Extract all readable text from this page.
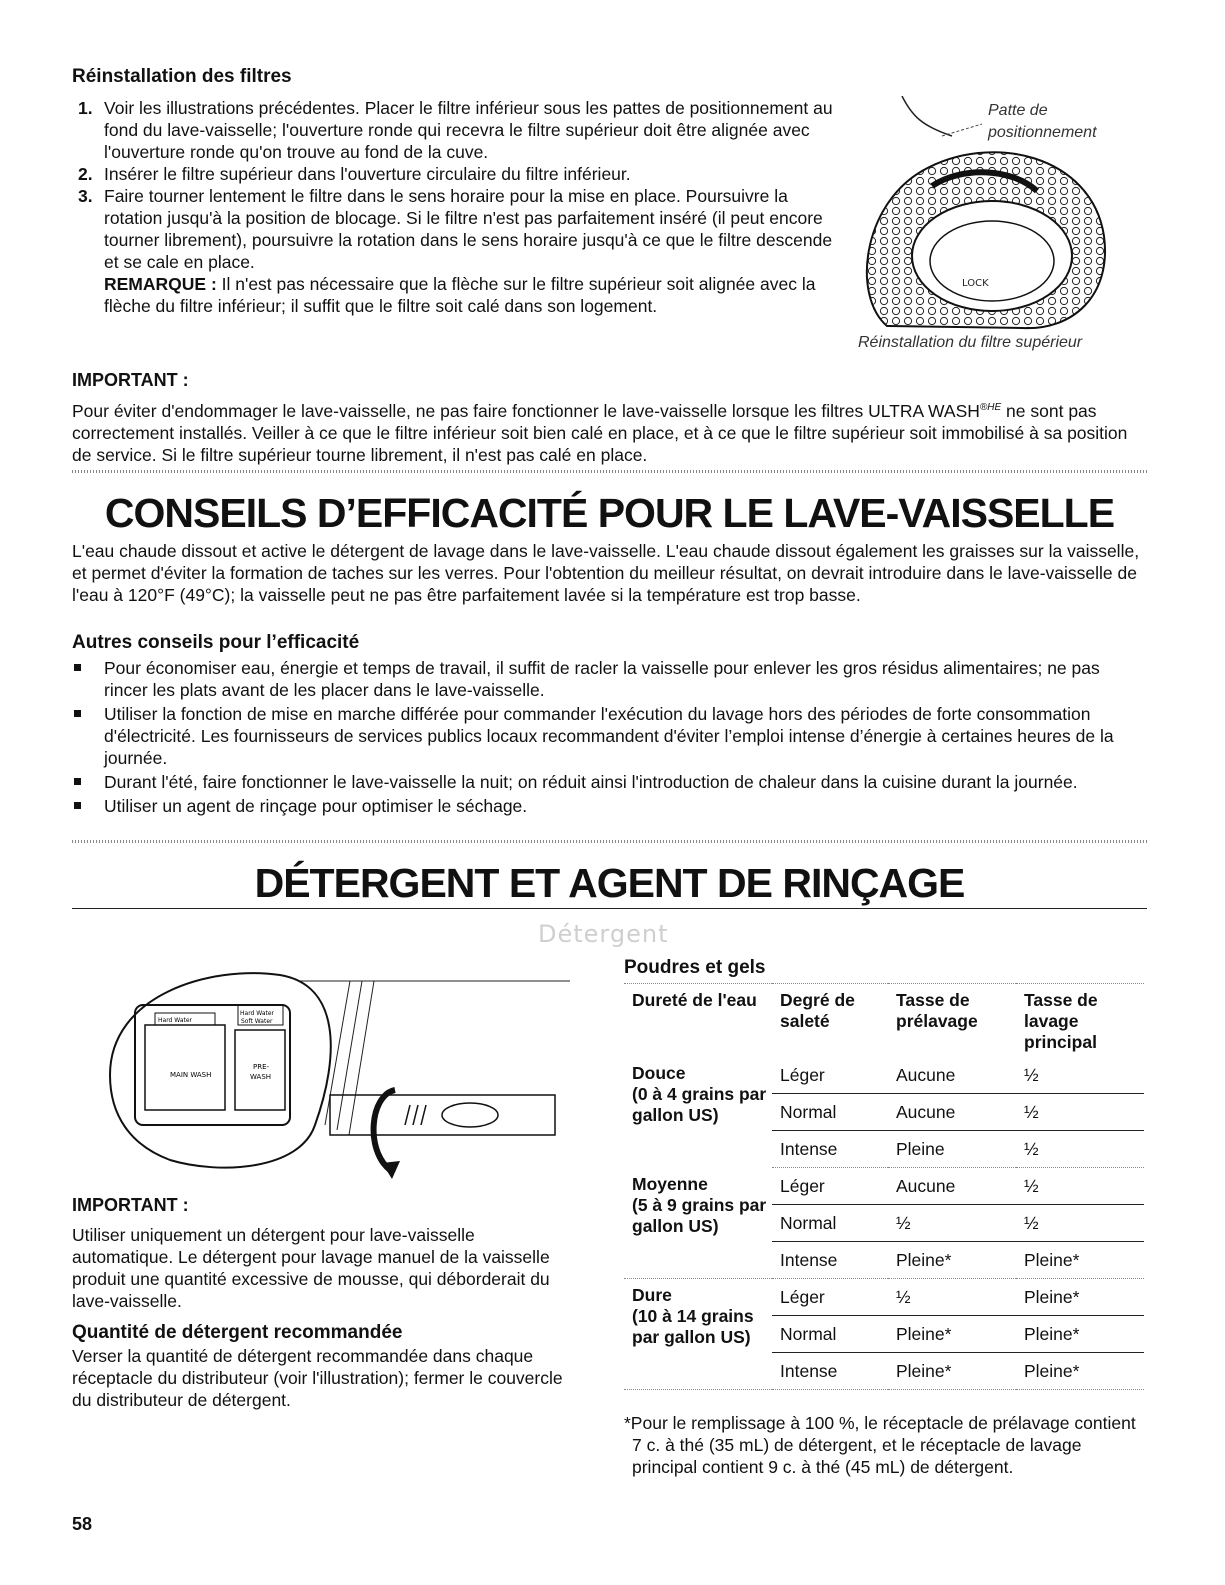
Réinstallation des filtres
1. Voir les illustrations précédentes. Placer le filtre inférieur sous les pattes de positionnement au fond du lave-vaisselle; l'ouverture ronde qui recevra le filtre supérieur doit être alignée avec l'ouverture ronde qu'on trouve au fond de la cuve.
2. Insérer le filtre supérieur dans l'ouverture circulaire du filtre inférieur.
3. Faire tourner lentement le filtre dans le sens horaire pour la mise en place. Poursuivre la rotation jusqu'à la position de blocage. Si le filtre n'est pas parfaitement inséré (il peut encore tourner librement), poursuivre la rotation dans le sens horaire jusqu'à ce que le filtre descende et se cale en place.
REMARQUE : Il n'est pas nécessaire que la flèche sur le filtre supérieur soit alignée avec la flèche du filtre inférieur; il suffit que le filtre soit calé dans son logement.
LOCK
Patte de
positionnement
Réinstallation du filtre supérieur
IMPORTANT :
Pour éviter d'endommager le lave-vaisselle, ne pas faire fonctionner le lave-vaisselle lorsque les filtres ULTRA $WASH^{®HE}$ ne sont pas correctement installés. Veiller à ce que le filtre inférieur soit bien calé en place, et à ce que le filtre supérieur soit immobilisé à sa position de service. Si le filtre supérieur tourne librement, il n'est pas calé en place.
CONSEILS D’EFFICACITÉ POUR LE LAVE-VAISSELLE
L'eau chaude dissout et active le détergent de lavage dans le lave-vaisselle. L'eau chaude dissout également les graisses sur la vaisselle, et permet d'éviter la formation de taches sur les verres. Pour l'obtention du meilleur résultat, on devrait introduire dans le lave-vaisselle de l'eau à 120°F (49°C); la vaisselle peut ne pas être parfaitement lavée si la température est trop basse.
Autres conseils pour l’efficacité
Pour économiser eau, énergie et temps de travail, il suffit de racler la vaisselle pour enlever les gros résidus alimentaires; ne pas rincer les plats avant de les placer dans le lave-vaisselle.
Utiliser la fonction de mise en marche différée pour commander l'exécution du lavage hors des périodes de forte consommation d'électricité. Les fournisseurs de services publics locaux recommandent d'éviter l’emploi intense d’énergie à certaines heures de la journée.
Durant l'été, faire fonctionner le lave-vaisselle la nuit; on réduit ainsi l'introduction de chaleur dans la cuisine durant la journée.
Utiliser un agent de rinçage pour optimiser le séchage.
DÉTERGENT ET AGENT DE RINÇAGE
Détergent
Hard Water
Hard Water
Soft Water
MAIN WASH
PRE-
WASH
IMPORTANT :
Utiliser uniquement un détergent pour lave-vaisselle automatique. Le détergent pour lavage manuel de la vaisselle produit une quantité excessive de mousse, qui déborderait du lave-vaisselle.
Quantité de détergent recommandée
Verser la quantité de détergent recommandée dans chaque réceptacle du distributeur (voir l'illustration); fermer le couvercle du distributeur de détergent.
Poudres et gels
Dureté de l'eau	Degré de saleté	Tasse de prélavage	Tasse de lavage principal

Douce
(0 à 4 grains par gallon US)	Léger	Aucune	½
	Normal	Aucune	½
	Intense	Pleine	½

Moyenne
(5 à 9 grains par gallon US)	Léger	Aucune	½
	Normal	½	½
	Intense	Pleine*	Pleine*

Dure
(10 à 14 grains par gallon US)	Léger	½	Pleine*
	Normal	Pleine*	Pleine*
	Intense	Pleine*	Pleine*
*Pour le remplissage à 100 %, le réceptacle de prélavage contient 7 c. à thé (35 mL) de détergent, et le réceptacle de lavage principal contient 9 c. à thé (45 mL) de détergent.
58
